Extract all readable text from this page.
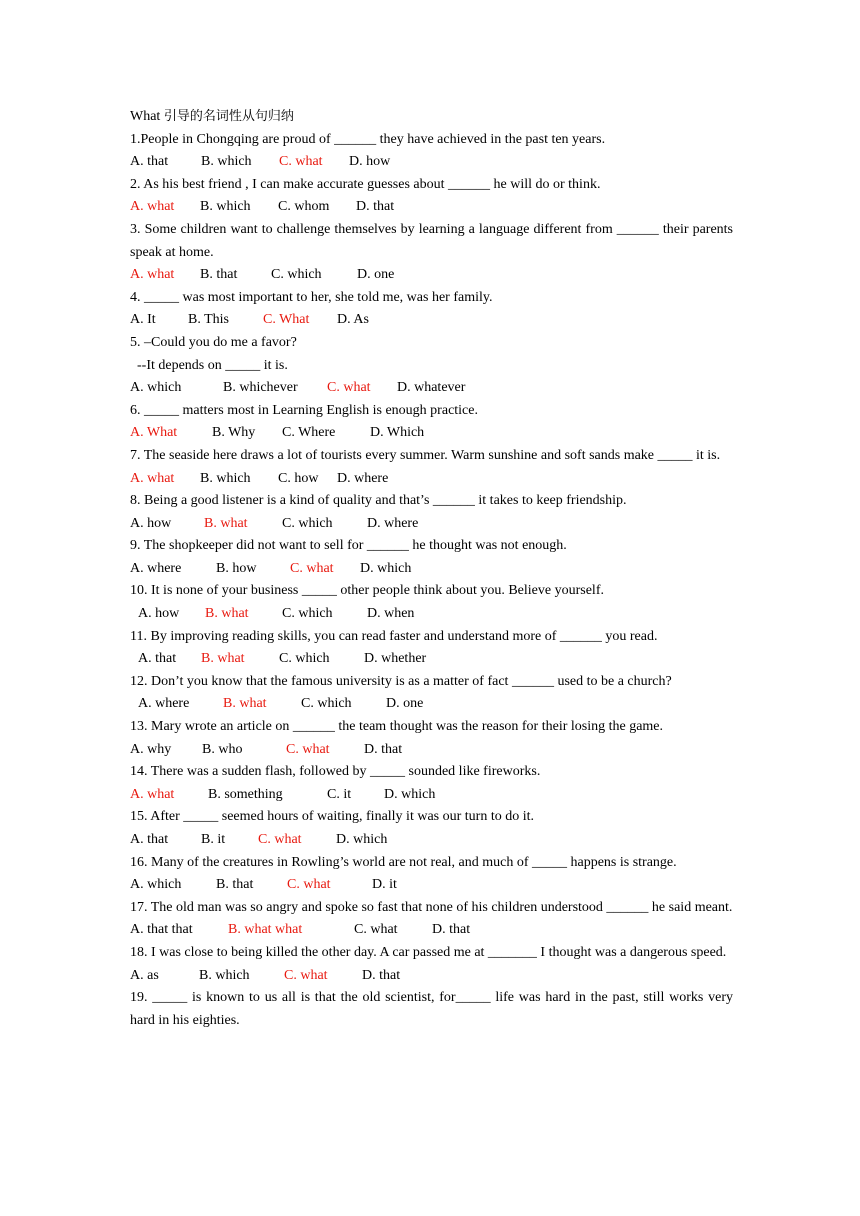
What 引导的名词性从句归纳
1.People in Chongqing are proud of ______ they have achieved in the past ten years.
A. that B. which C. what D. how
2. As his best friend , I can make accurate guesses about ______ he will do or think.
A. what B. which C. whom D. that
3. Some children want to challenge themselves by learning a language different from ______ their parents speak at home.
A. what B. that C. which	D. one
4. _____ was most important to her, she told me, was her family.
A. It B. This C. What D. As
5. –Could you do me a favor?
--It depends on _____ it is.
A. which	B. whichever C. what D. whatever
6. _____ matters most in Learning English is enough practice.
A. What B. Why C. Where D. Which
7. The seaside here draws a lot of tourists every summer. Warm sunshine and soft sands make _____ it is.
A. what B. which C. how D. where
8. Being a good listener is a kind of quality and that’s ______ it takes to keep friendship.
A. how B. what C. which D. where
9. The shopkeeper did not want to sell for ______ he thought was not enough.
A. where B. how C. what D. which
10. It is none of your business _____ other people think about you. Believe yourself.
A. how B. what C. which D. when
11. By improving reading skills, you can read faster and understand more of ______ you read.
A. that B. what C. which D. whether
12. Don’t you know that the famous university is as a matter of fact ______ used to be a church?
A. where B. what C. which D. one
13. Mary wrote an article on ______ the team thought was the reason for their losing the game.
A. why B. who	C. what D. that
14. There was a sudden flash, followed by _____ sounded like fireworks.
A. what B. something	C. it D. which
15. After _____ seemed hours of waiting, finally it was our turn to do it.
A. that B. it C. what D. which
16. Many of the creatures in Rowling’s world are not real, and much of _____ happens is strange.
A. which B. that C. what	D. it
17. The old man was so angry and spoke so fast that none of his children understood ______ he said meant.
A. that that	B. what what	C. what D. that
18. I was close to being killed the other day. A car passed me at _______ I thought was a dangerous speed.
A. as	B. which C. what D. that
19. _____ is known to us all is that the old scientist, for_____ life was hard in the past, still works very hard in his eighties.
